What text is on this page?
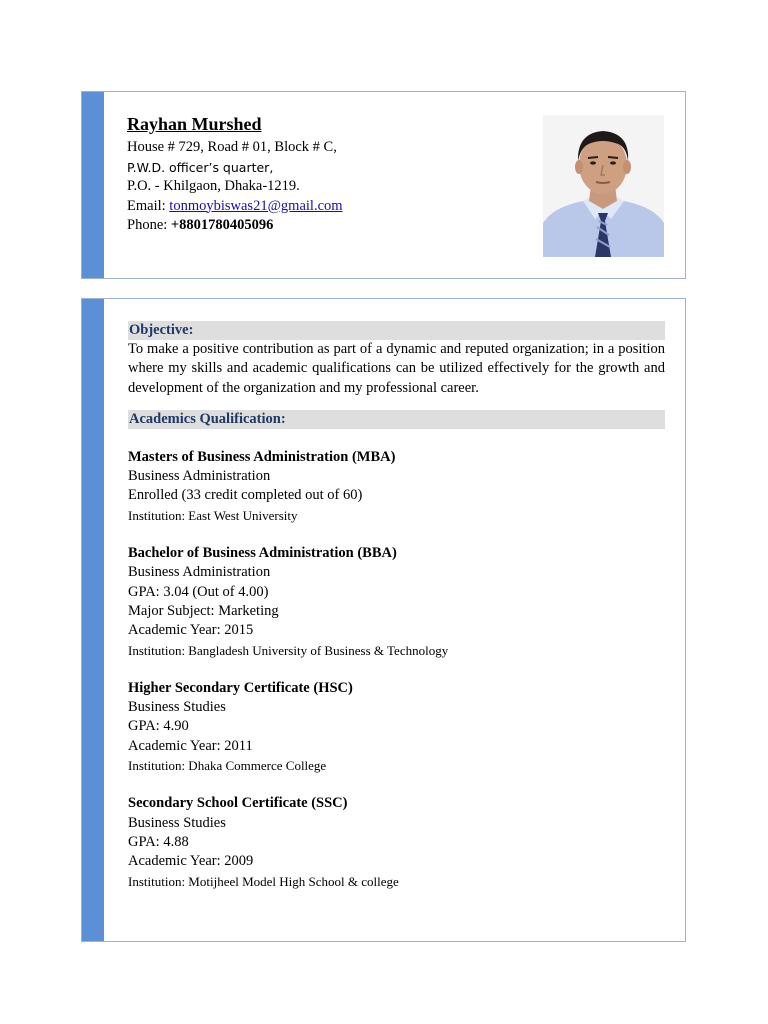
Rayhan Murshed
House # 729, Road # 01, Block # C,
P.W.D. officer’s quarter,
P.O. - Khilgaon, Dhaka-1219.
Email: tonmoybiswas21@gmail.com
Phone: +8801780405096
Objective:
To make a positive contribution as part of a dynamic and reputed organization; in a position where my skills and academic qualifications can be utilized effectively for the growth and development of the organization and my professional career.
Academics Qualification:
Masters of Business Administration (MBA)
Business Administration
Enrolled (33 credit completed out of 60)
Institution: East West University
Bachelor of Business Administration (BBA)
Business Administration
GPA: 3.04 (Out of 4.00)
Major Subject: Marketing
Academic Year: 2015
Institution: Bangladesh University of Business & Technology
Higher Secondary Certificate (HSC)
Business Studies
GPA: 4.90
Academic Year: 2011
Institution: Dhaka Commerce College
Secondary School Certificate (SSC)
Business Studies
GPA: 4.88
Academic Year: 2009
Institution: Motijheel Model High School & college
